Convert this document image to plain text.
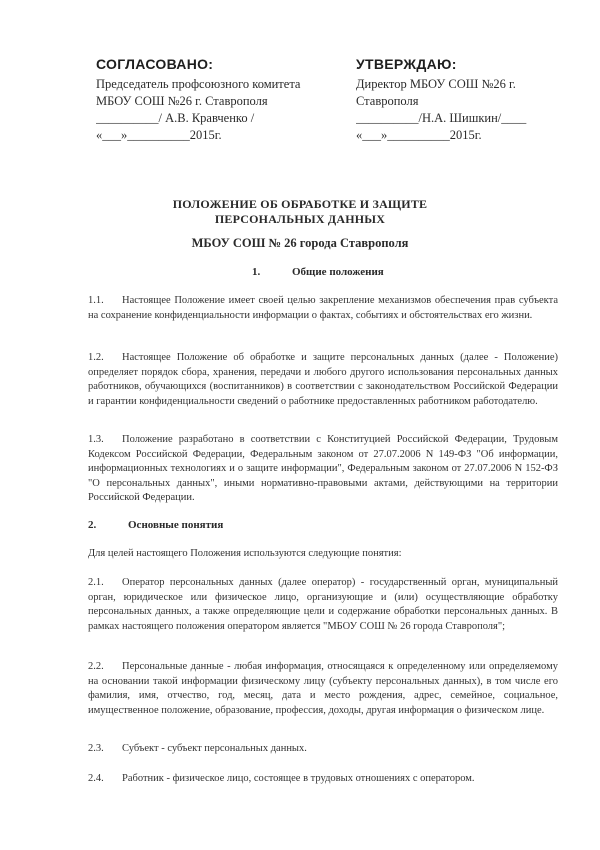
СОГЛАСОВАНО:
Председатель профсоюзного комитета
МБОУ СОШ №26 г. Ставрополя
__________/ А.В. Кравченко /
«___»__________2015г.
УТВЕРЖДАЮ:
Директор МБОУ СОШ №26 г.
Ставрополя
__________/Н.А. Шишкин/____
«___»__________2015г.
ПОЛОЖЕНИЕ ОБ ОБРАБОТКЕ И ЗАЩИТЕ
ПЕРСОНАЛЬНЫХ ДАННЫХ
МБОУ СОШ № 26 города Ставрополя
1.	Общие положения
1.1. Настоящее Положение имеет своей целью закрепление механизмов обеспечения прав субъекта на сохранение конфиденциальности информации о фактах, событиях и обстоятельствах его жизни.
1.2. Настоящее Положение об обработке и защите персональных данных (далее - Положение) определяет порядок сбора, хранения, передачи и любого другого использования персональных данных работников, обучающихся (воспитанников) в соответствии с законодательством Российской Федерации и гарантии конфиденциальности сведений о работнике предоставленных работником работодателю.
1.3. Положение разработано в соответствии с Конституцией Российской Федерации, Трудовым Кодексом Российской Федерации, Федеральным законом от 27.07.2006 N 149-ФЗ "Об информации, информационных технологиях и о защите информации", Федеральным законом от 27.07.2006 N 152-ФЗ "О персональных данных", иными нормативно-правовыми актами, действующими на территории Российской Федерации.
2.	Основные понятия
Для целей настоящего Положения используются следующие понятия:
2.1. Оператор персональных данных (далее оператор) - государственный орган, муниципальный орган, юридическое или физическое лицо, организующие и (или) осуществляющие обработку персональных данных, а также определяющие цели и содержание обработки персональных данных. В рамках настоящего положения оператором является "МБОУ СОШ № 26 города Ставрополя";
2.2. Персональные данные - любая информация, относящаяся к определенному или определяемому на основании такой информации физическому лицу (субъекту персональных данных), в том числе его фамилия, имя, отчество, год, месяц, дата и место рождения, адрес, семейное, социальное, имущественное положение, образование, профессия, доходы, другая информация о физическом лице.
2.3. Субъект - субъект персональных данных.
2.4. Работник - физическое лицо, состоящее в трудовых отношениях с оператором.
